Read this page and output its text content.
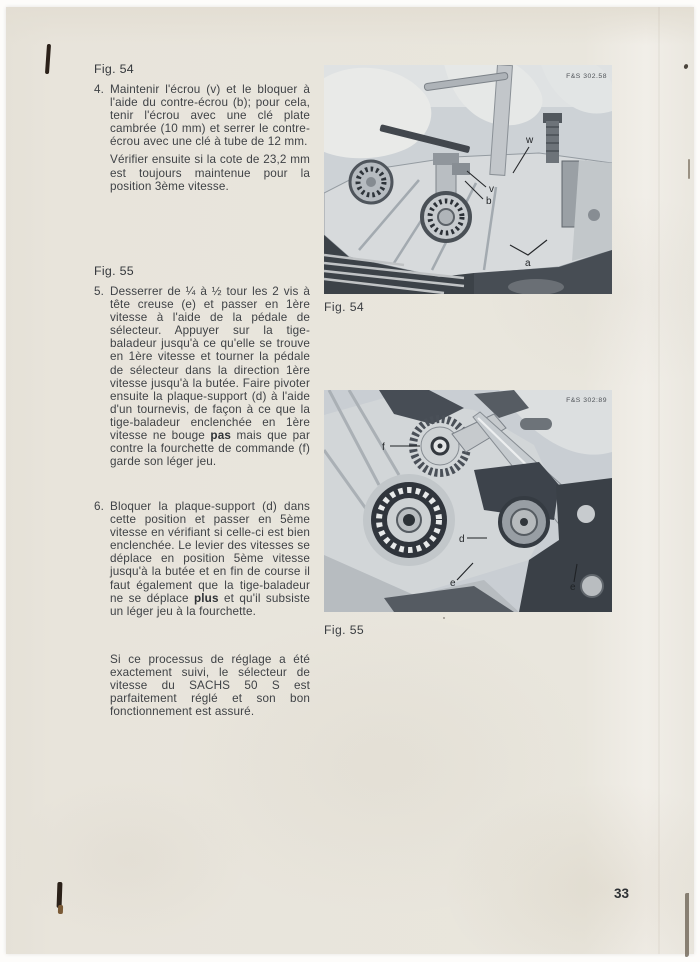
Fig. 54
4. Maintenir l'écrou (v) et le bloquer à l'aide du contre-écrou (b); pour cela, tenir l'écrou avec une clé plate cambrée (10 mm) et serrer le contre-écrou avec une clé à tube de 12 mm.

Vérifier ensuite si la cote de 23,2 mm est toujours maintenue pour la position 3ème vitesse.

Fig. 55
5. Desserrer de ¼ à ½ tour les 2 vis à tête creuse (e) et passer en 1ère vitesse à l'aide de la pédale de sélecteur. Appuyer sur la tige-baladeur jusqu'à ce qu'elle se trouve en 1ère vitesse et tourner la pédale de sélecteur dans la direction 1ère vitesse jusqu'à la butée. Faire pivoter ensuite la plaque-support (d) à l'aide d'un tournevis, de façon à ce que la tige-baladeur enclenchée en 1ère vitesse ne bouge pas mais que par contre la fourchette de commande (f) garde son léger jeu.

6. Bloquer la plaque-support (d) dans cette position et passer en 5ème vitesse en vérifiant si celle-ci est bien enclenchée. Le levier des vitesses se déplace en position 5ème vitesse jusqu'à la butée et en fin de course il faut également que la tige-baladeur ne se déplace plus et qu'il subsiste un léger jeu à la fourchette.

Si ce processus de réglage a été exactement suivi, le sélecteur de vitesse du SACHS 50 S est parfaitement réglé et son bon fonctionnement est assuré.

w
v
b
a
F&S 302.58
Fig. 54
f
d
e	e
F&S 302:89
Fig. 55
33
